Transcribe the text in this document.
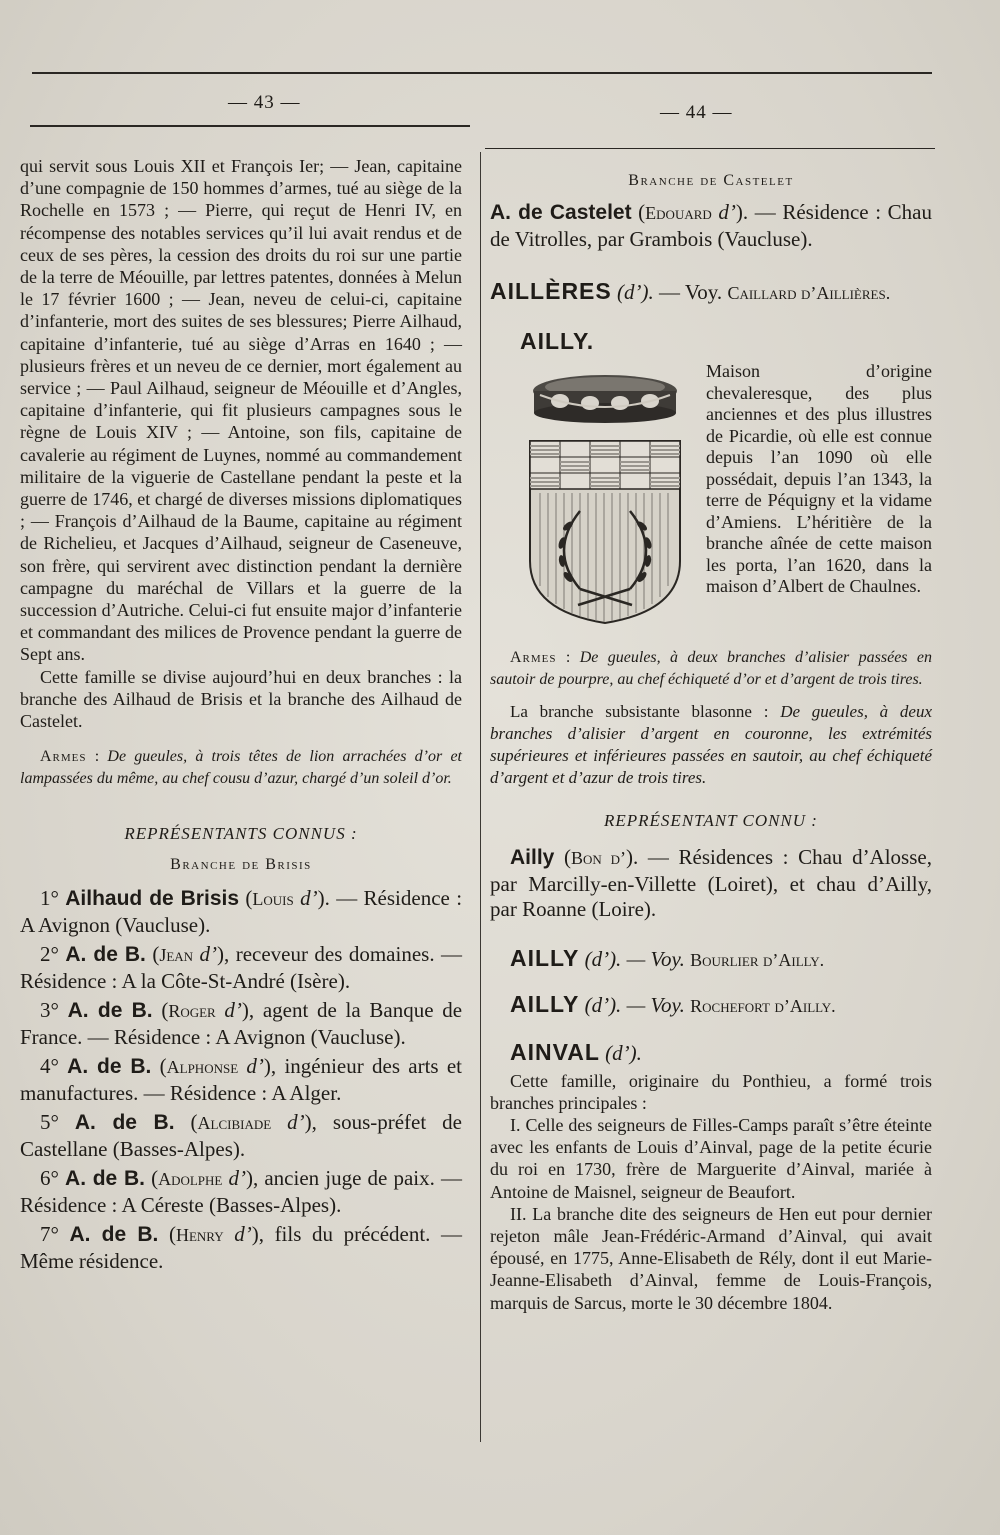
— 43 —	— 44 —

qui servit sous Louis XII et François Ier; — Jean, capitaine d’une compagnie de 150 hommes d’armes, tué au siège de la Rochelle en 1573 ; — Pierre, qui reçut de Henri IV, en récompense des notables services qu’il lui avait rendus et de ceux de ses pères, la cession des droits du roi sur une partie de la terre de Méouille, par lettres patentes, données à Melun le 17 février 1600 ; — Jean, neveu de celui-ci, capitaine d’infanterie, mort des suites de ses blessures; Pierre Ailhaud, capitaine d’infanterie, tué au siège d’Arras en 1640 ; — plusieurs frères et un neveu de ce dernier, mort également au service ; — Paul Ailhaud, seigneur de Méouille et d’Angles, capitaine d’infanterie, qui fit plusieurs campagnes sous le règne de Louis XIV ; — Antoine, son fils, capitaine de cavalerie au régiment de Luynes, nommé au commandement militaire de la viguerie de Castellane pendant la peste et la guerre de 1746, et chargé de diverses missions diplomatiques ; — François d’Ailhaud de la Baume, capitaine au régiment de Richelieu, et Jacques d’Ailhaud, seigneur de Caseneuve, son frère, qui servirent avec distinction pendant la dernière campagne du maréchal de Villars et la guerre de la succession d’Autriche. Celui-ci fut ensuite major d’infanterie et commandant des milices de Provence pendant la guerre de Sept ans.

Cette famille se divise aujourd’hui en deux branches : la branche des Ailhaud de Brisis et la branche des Ailhaud de Castelet.

Armes : De gueules, à trois têtes de lion arrachées d’or et lampassées du même, au chef cousu d’azur, chargé d’un soleil d’or.

REPRÉSENTANTS CONNUS :

Branche de Brisis

1° Ailhaud de Brisis (Louis d’). — Résidence : A Avignon (Vaucluse).

2° A. de B. (Jean d’), receveur des domaines. — Résidence : A la Côte-St-André (Isère).

3° A. de B. (Roger d’), agent de la Banque de France. — Résidence : A Avignon (Vaucluse).

4° A. de B. (Alphonse d’), ingénieur des arts et manufactures. — Résidence : A Alger.

5° A. de B. (Alcibiade d’), sous-préfet de Castellane (Basses-Alpes).

6° A. de B. (Adolphe d’), ancien juge de paix. — Résidence : A Céreste (Basses-Alpes).

7° A. de B. (Henry d’), fils du précédent. — Même résidence.

Branche de Castelet

A. de Castelet (Edouard d’). — Résidence : Chau de Vitrolles, par Grambois (Vaucluse).

AILLÈRES (d’). — Voy. Caillard d’Aillières.

AILLY.

Maison d’origine chevaleresque, des plus anciennes et des plus illustres de Picardie, où elle est connue depuis l’an 1090 où elle possédait, depuis l’an 1343, la terre de Péquigny et la vidame d’Amiens. L’héritière de la branche aînée de cette maison les porta, l’an 1620, dans la maison d’Albert de Chaulnes.

Armes : De gueules, à deux branches d’alisier passées en sautoir de pourpre, au chef échiqueté d’or et d’argent de trois tires.

La branche subsistante blasonne : De gueules, à deux branches d’alisier d’argent en couronne, les extrémités supérieures et inférieures passées en sautoir, au chef échiqueté d’argent et d’azur de trois tires.

REPRÉSENTANT CONNU :

Ailly (Bon d’). — Résidences : Chau d’Alosse, par Marcilly-en-Villette (Loiret), et chau d’Ailly, par Roanne (Loire).

AILLY (d’). — Voy. Bourlier d’Ailly.

AILLY (d’). — Voy. Rochefort d’Ailly.

AINVAL (d’).

Cette famille, originaire du Ponthieu, a formé trois branches principales :

I. Celle des seigneurs de Filles-Camps paraît s’être éteinte avec les enfants de Louis d’Ainval, page de la petite écurie du roi en 1730, frère de Marguerite d’Ainval, mariée à Antoine de Maisnel, seigneur de Beaufort.

II. La branche dite des seigneurs de Hen eut pour dernier rejeton mâle Jean-Frédéric-Armand d’Ainval, qui avait épousé, en 1775, Anne-Elisabeth de Rély, dont il eut Marie-Jeanne-Elisabeth d’Ainval, femme de Louis-François, marquis de Sarcus, morte le 30 décembre 1804.
